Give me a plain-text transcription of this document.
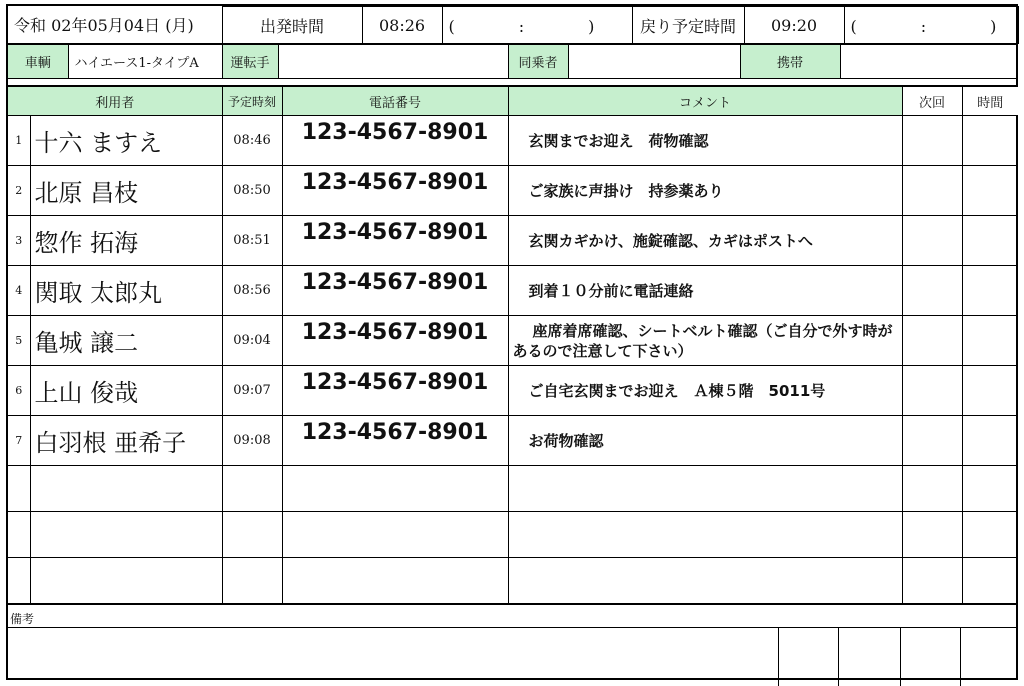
令和 02年05月04日 (月)	出発時間	08:26	(　　　　:　　　　)	戻り予定時間	09:20	(　　　　:　　　　)
車輌	ハイエース1-タイプA	運転手		同乗者		携帯	
利用者		予定時刻	電話番号	コメント	次回	時間
1	十六 ますえ	08:46	123-4567-8901	玄関までお迎え　荷物確認		
2	北原 昌枝	08:50	123-4567-8901	ご家族に声掛け　持参薬あり		
3	惣作 拓海	08:51	123-4567-8901	玄関カギかけ、施錠確認、カギはポストへ		
4	関取 太郎丸	08:56	123-4567-8901	到着１０分前に電話連絡		
5	亀城 譲二	09:04	123-4567-8901	座席着席確認、シートベルト確認（ご自分で外す時があるので注意して下さい）		
6	上山 俊哉	09:07	123-4567-8901	ご自宅玄関までお迎え　Ａ棟５階　5011号		
7	白羽根 亜希子	09:08	123-4567-8901	お荷物確認		

備考
